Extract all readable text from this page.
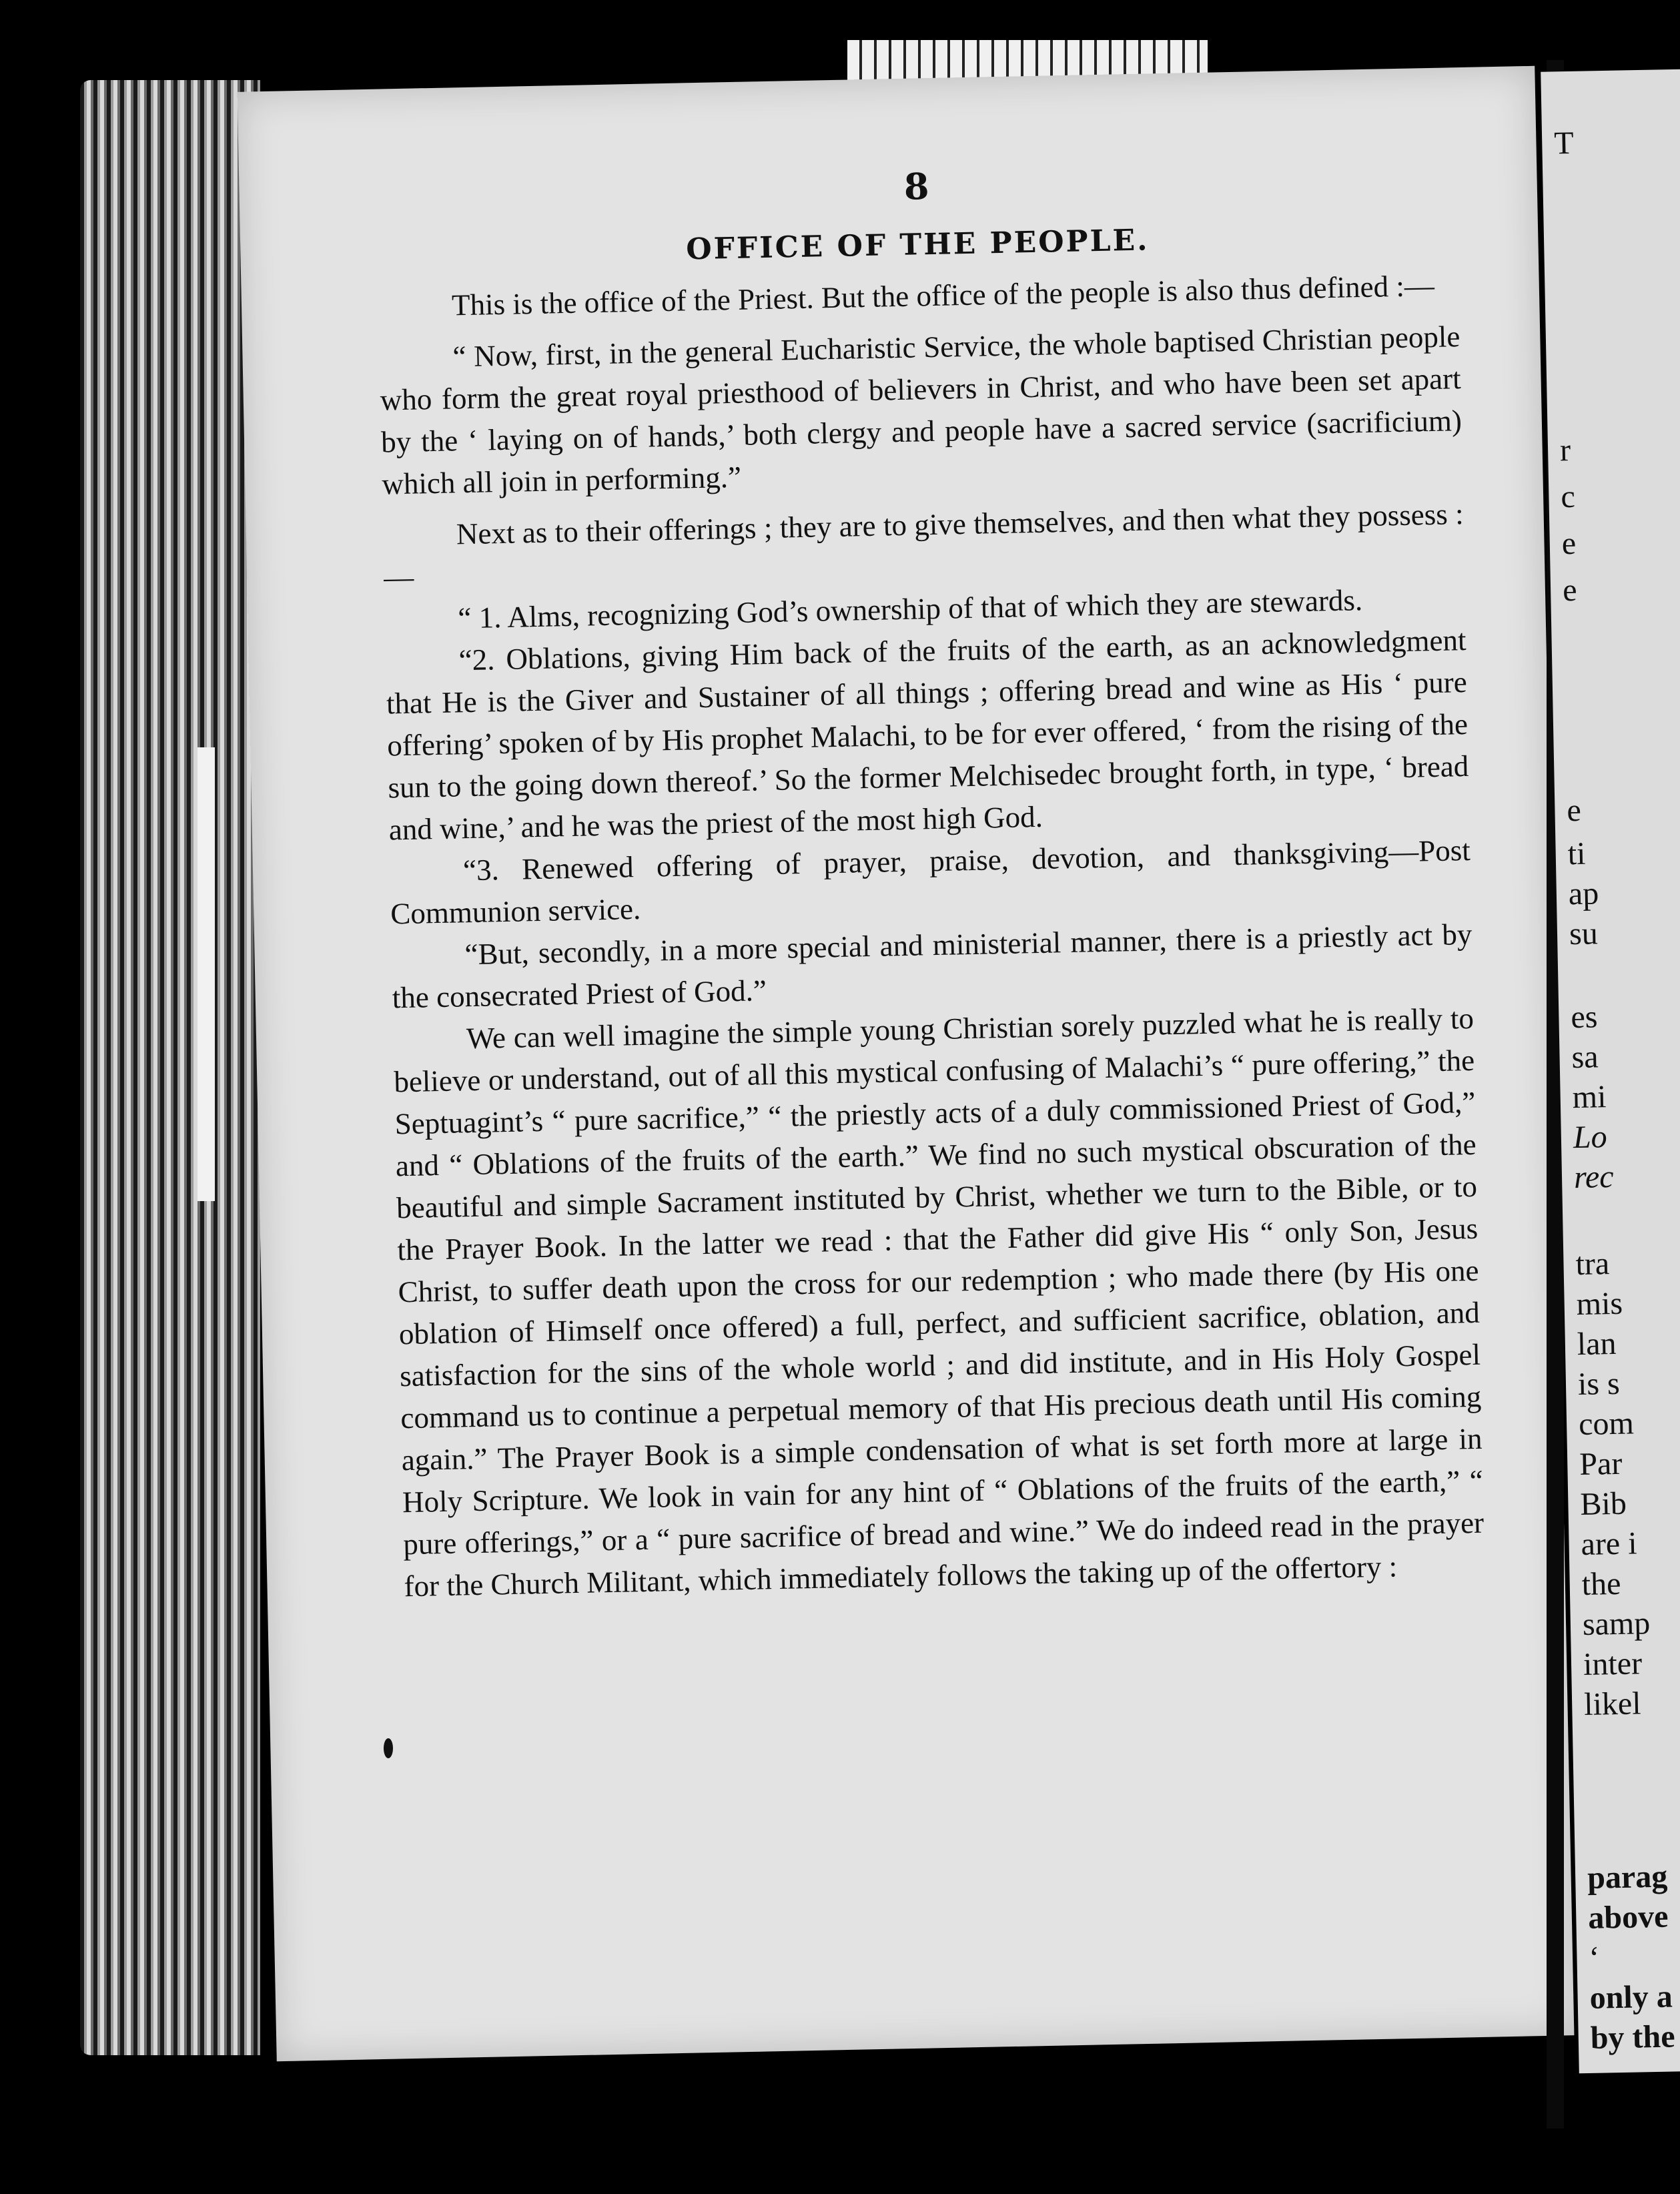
8
OFFICE OF THE PEOPLE.

This is the office of the Priest. But the office of the people is also thus defined :—

“ Now, first, in the general Eucharistic Service, the whole baptised Christian people who form the great royal priesthood of believers in Christ, and who have been set apart by the ‘ laying on of hands,’ both clergy and people have a sacred service (sacrificium) which all join in performing.”

Next as to their offerings ; they are to give themselves, and then what they possess :—

“ 1. Alms, recognizing God’s ownership of that of which they are stewards.

“2. Oblations, giving Him back of the fruits of the earth, as an acknowledgment that He is the Giver and Sustainer of all things ; offering bread and wine as His ‘ pure offering’ spoken of by His prophet Malachi, to be for ever offered, ‘ from the rising of the sun to the going down thereof.’ So the former Melchisedec brought forth, in type, ‘ bread and wine,’ and he was the priest of the most high God.

“3. Renewed offering of prayer, praise, devotion, and thanksgiving—Post Communion service.

“But, secondly, in a more special and ministerial manner, there is a priestly act by the consecrated Priest of God.”

We can well imagine the simple young Christian sorely puzzled what he is really to believe or understand, out of all this mystical confusing of Malachi’s “ pure offering,” the Septuagint’s “ pure sacrifice,” “ the priestly acts of a duly commissioned Priest of God,” and “ Oblations of the fruits of the earth.” We find no such mystical obscuration of the beautiful and simple Sacrament instituted by Christ, whether we turn to the Bible, or to the Prayer Book. In the latter we read : that the Father did give His “ only Son, Jesus Christ, to suffer death upon the cross for our redemption ; who made there (by His one oblation of Himself once offered) a full, perfect, and sufficient sacrifice, oblation, and satisfaction for the sins of the whole world ; and did institute, and in His Holy Gospel command us to continue a perpetual memory of that His precious death until His coming again.” The Prayer Book is a simple condensation of what is set forth more at large in Holy Scripture. We look in vain for any hint of “ Oblations of the fruits of the earth,” “ pure offerings,” or a “ pure sacrifice of bread and wine.” We do indeed read in the prayer for the Church Militant, which immediately follows the taking up of the offertory :

T
r
c
e
e
e
ti
ap
su
es
sa
mi
Lo
rec
tra
mis
lan
is s
com
Par
Bib
are i
the
samp
inter
likel
parag
above
‘
only a
by the
